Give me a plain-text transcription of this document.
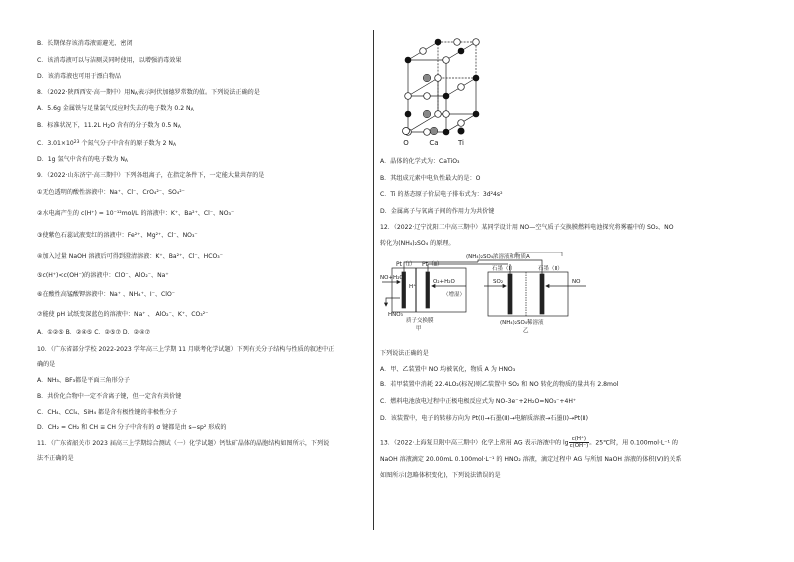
B．长期保存该消毒液需避光、密闭
C．该消毒液可以与洁厕灵同时使用，以增强消毒效果
D．该消毒液也可用于漂白物品
8．（2022·陕西西安·高一期中）用$N_A$表示阿伏加德罗常数的值。下列说法正确的是
A．5.6g 金属铁与足量氯气反应时失去的电子数为 0.2 $N_A$
B．标准状况下，11.2L $H_2O$ 含有的分子数为 0.5 $N_A$
C．$3.01\times 10^{23}$ 个氮气分子中含有的原子数为 2 $N_A$
D．1g 氢气中含有的电子数为 $N_A$
9．（2022·山东济宁·高三期中）下列各组离子，在指定条件下，一定能大量共存的是
①无色透明的酸性溶液中：Na⁺、Cl⁻、CrO₄²⁻、SO₄²⁻
②水电离产生的 c(H⁺) = 10⁻¹²mol/L 的溶液中：K⁺、Ba²⁺、Cl⁻、NO₃⁻
③使紫色石蕊试液变红的溶液中：Fe²⁺、Mg²⁺、Cl⁻、NO₃⁻
④加入过量 NaOH 溶液后可得到澄清溶液：K⁺、Ba²⁺、Cl⁻、HCO₃⁻
⑤c(H⁺)<c(OH⁻)的溶液中：ClO⁻、AlO₂⁻、Na⁺
⑥在酸性高锰酸钾溶液中：Na⁺ 、NH₄⁺、I⁻、ClO⁻
⑦能使 pH 试纸变深蓝色的溶液中：Na⁺ 、 AlO₂⁻、K⁺、CO₃²⁻
A．①②⑤ B．②④⑤ C．②⑤⑦ D．②④⑦
10．（广东省部分学校 2022-2023 学年高三上学期 11 月联考化学试题）下列有关分子结构与性质的叙述中正
确的是
A．NH₃、BF₃都是平面三角形分子
B．共价化合物中一定不含离子键，但一定含有共价键
C．CH₄、CCl₄、SiH₄ 都是含有极性键的非极性分子
D．CH₂ = CH₂ 和 CH ≡ CH 分子中含有的 σ 键都是由 s−sp² 形成的
11．（广东省韶关市 2023 届高三上学期综合测试（一）化学试题）钙钛矿晶体的晶胞结构如图所示，下列说
法不正确的是
O	Ca	Ti
A．晶体的化学式为：CaTiO₃
B．其组成元素中电负性最大的是：O
C．Ti 的基态原子价层电子排布式为：3d²4s²
D．金属离子与氧离子间的作用力为共价键
12．（2022·辽宁沈阳二中高三期中）某同学设计用 NO—空气质子交换膜燃料电池探究将雾霾中的 SO₂、NO
转化为(NH₄)₂SO₄ 的原理。
Pt（Ⅰ） Pt（Ⅱ）
(NH₄)₂SO₄浓溶液和物质A
石墨（Ⅰ）	石墨（Ⅱ）
NO+H₂O
O₂+H₂O
H⁺
HNO₃
（增湿）
SO₂	NO
质子交换膜
甲
(NH₄)₂SO₄稀溶液
乙
下列说法正确的是
A．甲、乙装置中 NO 均被氧化，物质 A 为 HNO₃
B．若甲装置中消耗 22.4LO₂(标况)则乙装置中 SO₂ 和 NO 转化的物质的量共有 2.8mol
C．燃料电池放电过程中正极电极反应式为 NO-3e⁻+2H₂O=NO₃⁻+4H⁺
D．该装置中，电子的转移方向为 Pt(Ⅰ)→石墨(Ⅱ)→电解质溶液→石墨(Ⅰ)→Pt(Ⅱ)
13．（2022·上海复旦附中高三期中）化学上常用 AG 表示溶液中的 $\lg \frac{c(H^+)}{c(OH^-)}$ 。25℃时，用 0.100mol·L⁻¹ 的
NaOH 溶液滴定 20.00mL 0.100mol·L⁻¹ 的 HNO₂ 溶液，滴定过程中 AG 与所加 NaOH 溶液的体积(V)的关系
如图所示(忽略体积变化)，下列说法错误的是
